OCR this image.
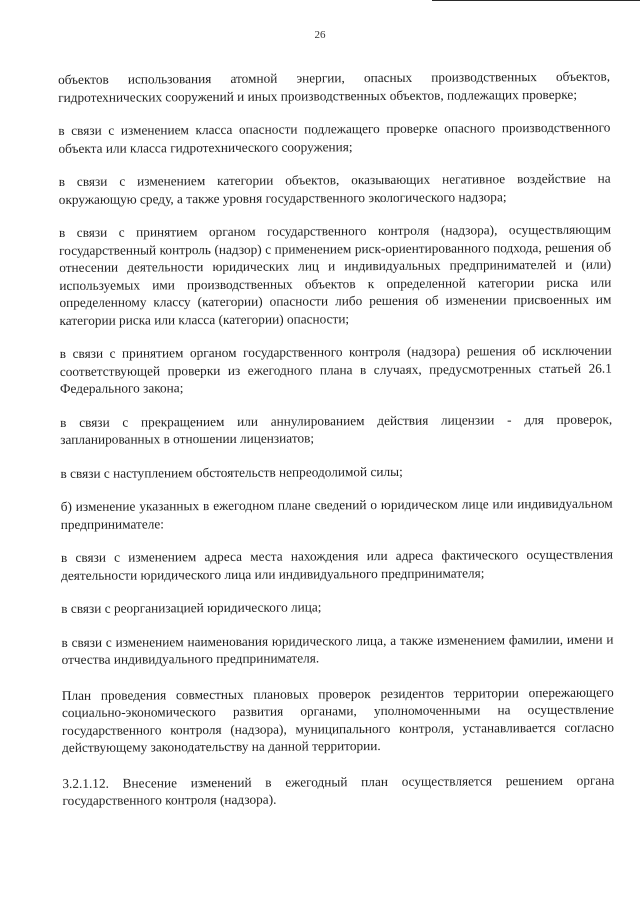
26

объектов использования атомной энергии, опасных производственных объектов, гидротехнических сооружений и иных производственных объектов, подлежащих проверке;

в связи с изменением класса опасности подлежащего проверке опасного производственного объекта или класса гидротехнического сооружения;

в связи с изменением категории объектов, оказывающих негативное воздействие на окружающую среду, а также уровня государственного экологического надзора;

в связи с принятием органом государственного контроля (надзора), осуществляющим государственный контроль (надзор) с применением риск-ориентированного подхода, решения об отнесении деятельности юридических лиц и индивидуальных предпринимателей и (или) используемых ими производственных объектов к определенной категории риска или определенному классу (категории) опасности либо решения об изменении присвоенных им категории риска или класса (категории) опасности;

в связи с принятием органом государственного контроля (надзора) решения об исключении соответствующей проверки из ежегодного плана в случаях, предусмотренных статьей 26.1 Федерального закона;

в связи с прекращением или аннулированием действия лицензии - для проверок, запланированных в отношении лицензиатов;

в связи с наступлением обстоятельств непреодолимой силы;

б) изменение указанных в ежегодном плане сведений о юридическом лице или индивидуальном предпринимателе:

в связи с изменением адреса места нахождения или адреса фактического осуществления деятельности юридического лица или индивидуального предпринимателя;

в связи с реорганизацией юридического лица;

в связи с изменением наименования юридического лица, а также изменением фамилии, имени и отчества индивидуального предпринимателя.

План проведения совместных плановых проверок резидентов территории опережающего социально-экономического развития органами, уполномоченными на осуществление государственного контроля (надзора), муниципального контроля, устанавливается согласно действующему законодательству на данной территории.

3.2.1.12. Внесение изменений в ежегодный план осуществляется решением органа государственного контроля (надзора).
